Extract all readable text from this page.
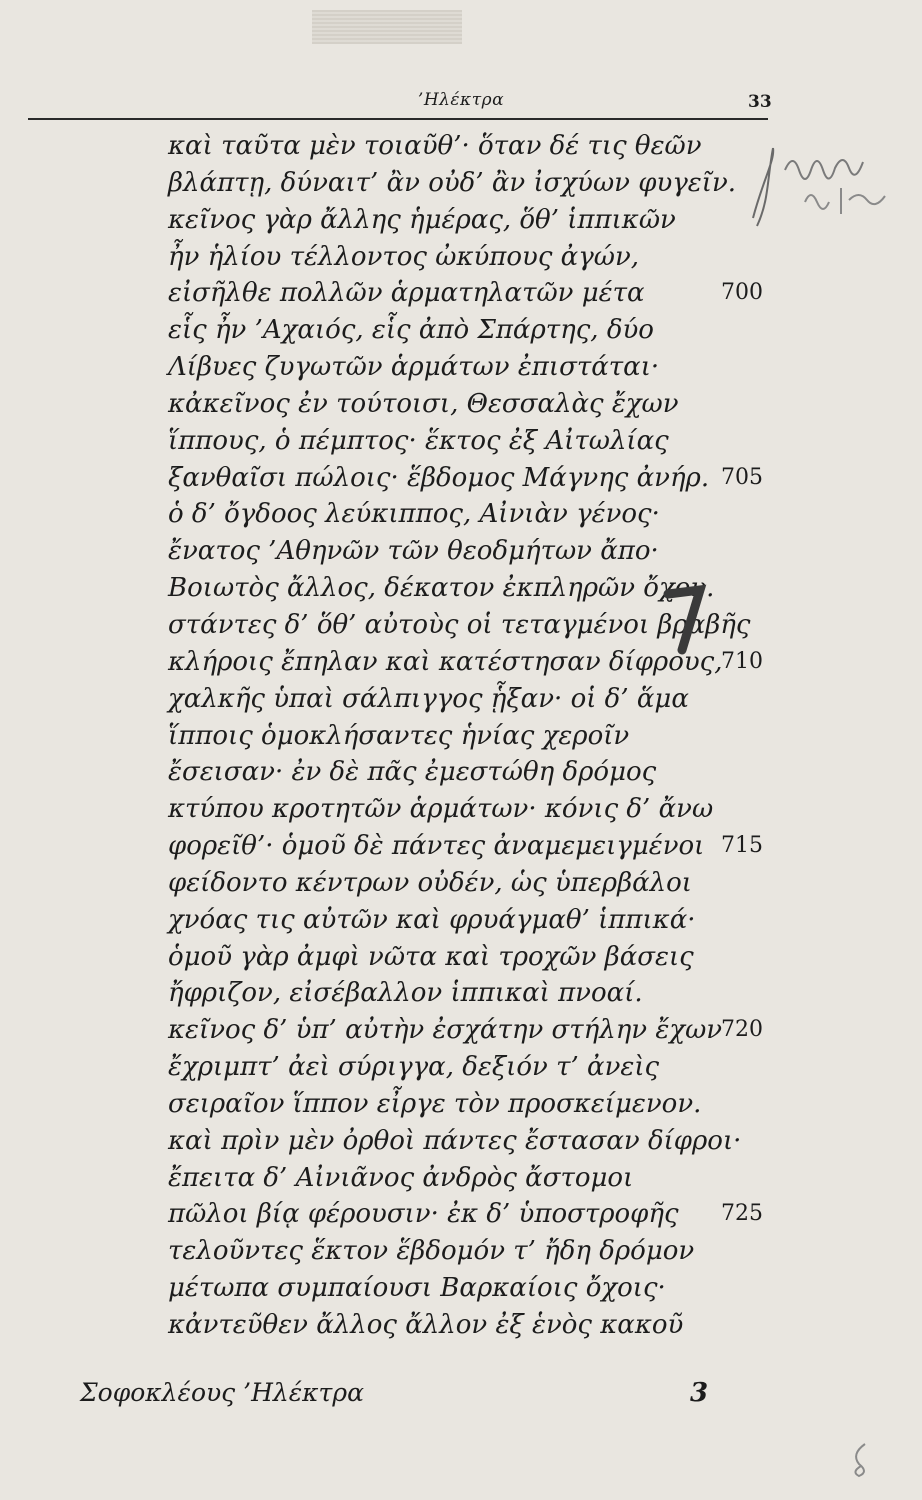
’Ηλέκτρα	33
καὶ ταῦτα μὲν τοιαῦθ’· ὅταν δέ τις θεῶν
βλάπτῃ, δύναιτ’ ἂν οὐδ’ ἂν ἰσχύων φυγεῖν.
κεῖνος γὰρ ἄλλης ἡμέρας, ὅθ’ ἱππικῶν
ἦν ἡλίου τέλλοντος ὠκύπους ἀγών,
εἰσῆλθε πολλῶν ἁρματηλατῶν μέτα	700
εἷς ἦν ’Αχαιός, εἷς ἀπὸ Σπάρτης, δύο
Λίβυες ζυγωτῶν ἁρμάτων ἐπιστάται·
κἀκεῖνος ἐν τούτοισι, Θεσσαλὰς ἔχων
ἵππους, ὁ πέμπτος· ἕκτος ἐξ Αἰτωλίας
ξανθαῖσι πώλοις· ἕβδομος Μάγνης ἀνήρ. 705
ὁ δ’ ὄγδοος λεύκιππος, Αἰνιὰν γένος·
ἔνατος ’Αθηνῶν τῶν θεοδμήτων ἄπο·
Βοιωτὸς ἄλλος, δέκατον ἐκπληρῶν ὄχον.
στάντες δ’ ὅθ’ αὐτοὺς οἱ τεταγμένοι βραβῆς
κλήροις ἔπηλαν καὶ κατέστησαν δίφρους,
710
χαλκῆς ὑπαὶ σάλπιγγος ᾗξαν· οἱ δ’ ἅμα
ἵπποις ὁμοκλήσαντες ἡνίας χεροῖν
ἔσεισαν· ἐν δὲ πᾶς ἐμεστώθη δρόμος
κτύπου κροτητῶν ἁρμάτων· κόνις δ’ ἄνω
φορεῖθ’· ὁμοῦ δὲ πάντες ἀναμεμειγμένοι 715
φείδοντο κέντρων οὐδέν, ὡς ὑπερβάλοι
χνόας τις αὐτῶν καὶ φρυάγμαθ’ ἱππικά·
ὁμοῦ γὰρ ἀμφὶ νῶτα καὶ τροχῶν βάσεις
ἤφριζον, εἰσέβαλλον ἱππικαὶ πνοαί.
κεῖνος δ’ ὑπ’ αὐτὴν ἐσχάτην στήλην ἔχων
720
ἔχριμπτ’ ἀεὶ σύριγγα, δεξιόν τ’ ἀνεὶς
σειραῖον ἵππον εἶργε τὸν προσκείμενον.
καὶ πρὶν μὲν ὀρθοὶ πάντες ἔστασαν δίφροι·
ἔπειτα δ’ Αἰνιᾶνος ἀνδρὸς ἄστομοι
πῶλοι βίᾳ φέρουσιν· ἐκ δ’ ὑποστροφῆς 725
τελοῦντες ἕκτον ἕβδομόν τ’ ἤδη δρόμον
μέτωπα συμπαίουσι Βαρκαίοις ὄχοις·
κἀντεῦθεν ἄλλος ἄλλον ἐξ ἑνὸς κακοῦ
Σοφοκλέους ’Ηλέκτρα	3
